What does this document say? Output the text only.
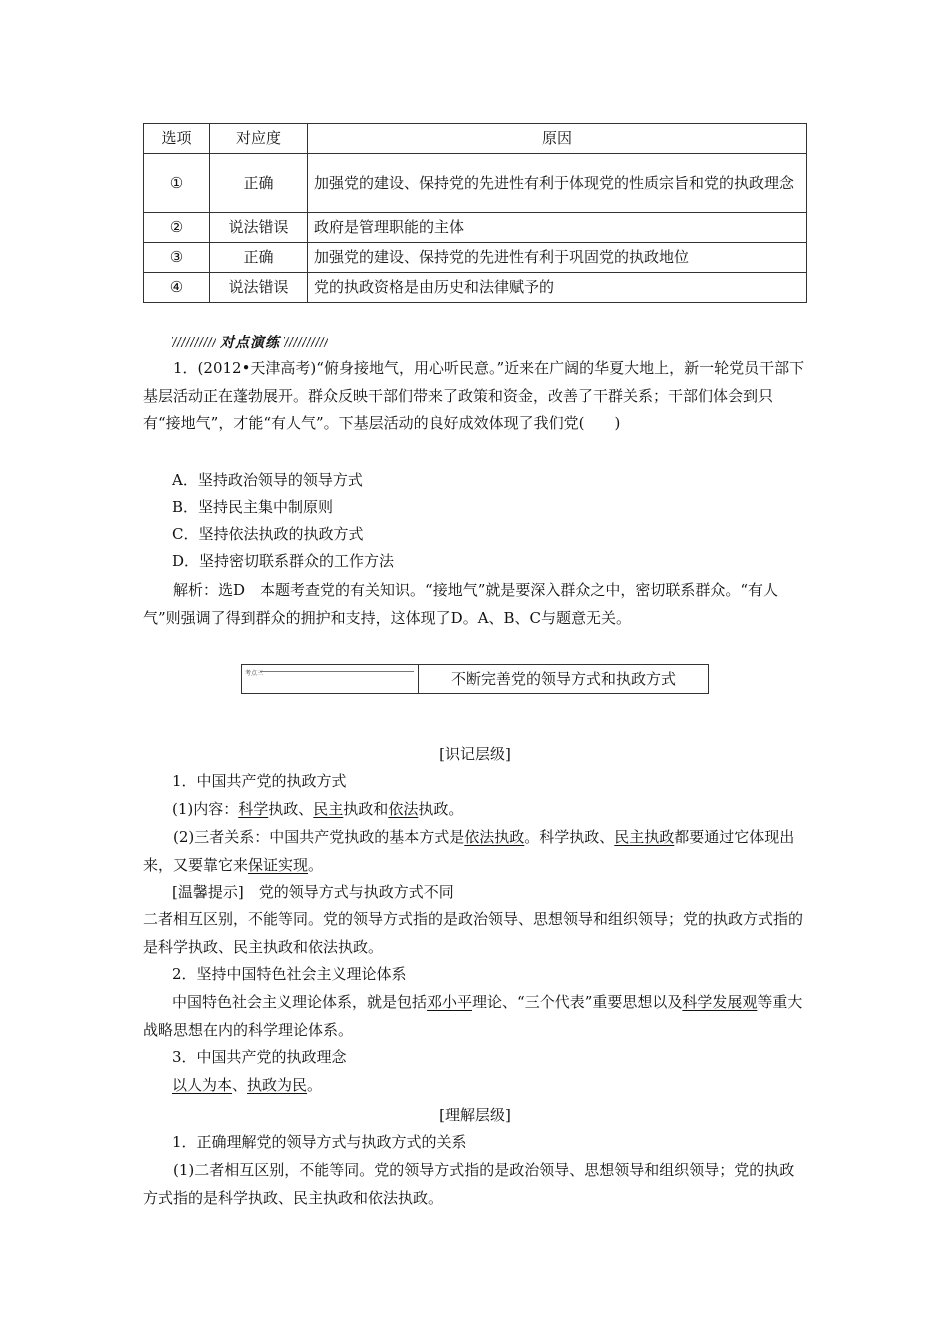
选项	对应度	原因
①	正确	加强党的建设、保持党的先进性有利于体现党的性质宗旨和党的执政理念
②	说法错误	政府是管理职能的主体
③	正确	加强党的建设、保持党的先进性有利于巩固党的执政地位
④	说法错误	党的执政资格是由历史和法律赋予的
对点演练
1．(2012•天津高考)“俯身接地气，用心听民意。”近来在广阔的华夏大地上，新一轮党员干部下基层活动正在蓬勃展开。群众反映干部们带来了政策和资金，改善了干群关系；干部们体会到只有“接地气”，才能“有人气”。下基层活动的良好成效体现了我们党(　　)
A．坚持政治领导的领导方式
B．坚持民主集中制原则
C．坚持依法执政的执政方式
D．坚持密切联系群众的工作方法
解析：选D　本题考查党的有关知识。“接地气”就是要深入群众之中，密切联系群众。“有人气”则强调了得到群众的拥护和支持，这体现了D。A、B、C与题意无关。
考点三	不断完善党的领导方式和执政方式
[识记层级]
1．中国共产党的执政方式
(1)内容：科学执政、民主执政和依法执政。
(2)三者关系：中国共产党执政的基本方式是依法执政。科学执政、民主执政都要通过它体现出来，又要靠它来保证实现。
[温馨提示]　党的领导方式与执政方式不同
二者相互区别，不能等同。党的领导方式指的是政治领导、思想领导和组织领导；党的执政方式指的是科学执政、民主执政和依法执政。
2．坚持中国特色社会主义理论体系
中国特色社会主义理论体系，就是包括邓小平理论、“三个代表”重要思想以及科学发展观等重大战略思想在内的科学理论体系。
3．中国共产党的执政理念
以人为本、执政为民。
[理解层级]
1．正确理解党的领导方式与执政方式的关系
(1)二者相互区别，不能等同。党的领导方式指的是政治领导、思想领导和组织领导；党的执政方式指的是科学执政、民主执政和依法执政。
